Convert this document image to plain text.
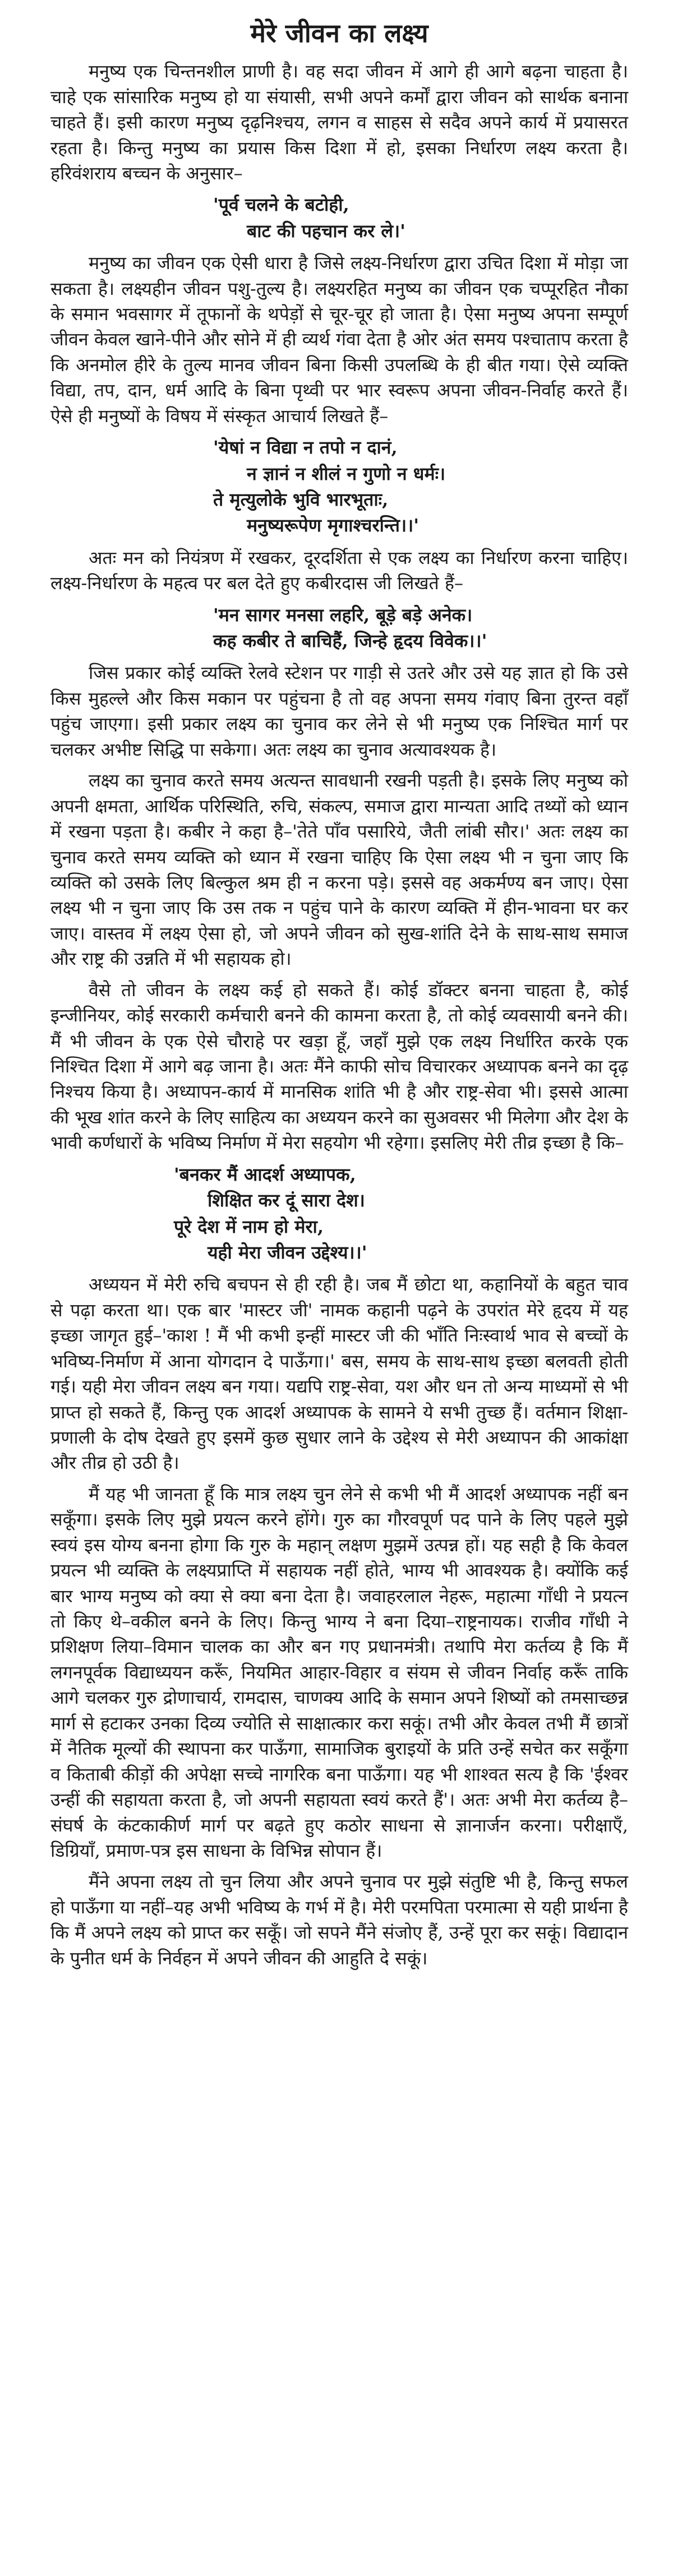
मेरे जीवन का लक्ष्य

मनुष्य एक चिन्तनशील प्राणी है। वह सदा जीवन में आगे ही आगे बढ़ना चाहता है। चाहे एक सांसारिक मनुष्य हो या संयासी, सभी अपने कर्मों द्वारा जीवन को सार्थक बनाना चाहते हैं। इसी कारण मनुष्य दृढ़निश्चय, लगन व साहस से सदैव अपने कार्य में प्रयासरत रहता है। किन्तु मनुष्य का प्रयास किस दिशा में हो, इसका निर्धारण लक्ष्य करता है। हरिवंशराय बच्चन के अनुसार–

'पूर्व चलने के बटोही,
बाट की पहचान कर ले।'

मनुष्य का जीवन एक ऐसी धारा है जिसे लक्ष्य-निर्धारण द्वारा उचित दिशा में मोड़ा जा सकता है। लक्ष्यहीन जीवन पशु-तुल्य है। लक्ष्यरहित मनुष्य का जीवन एक चप्पूरहित नौका के समान भवसागर में तूफानों के थपेड़ों से चूर-चूर हो जाता है। ऐसा मनुष्य अपना सम्पूर्ण जीवन केवल खाने-पीने और सोने में ही व्यर्थ गंवा देता है ओर अंत समय पश्चाताप करता है कि अनमोल हीरे के तुल्य मानव जीवन बिना किसी उपलब्धि के ही बीत गया। ऐसे व्यक्ति विद्या, तप, दान, धर्म आदि के बिना पृथ्वी पर भार स्वरूप अपना जीवन-निर्वाह करते हैं। ऐसे ही मनुष्यों के विषय में संस्कृत आचार्य लिखते हैं–

'येषां न विद्या न तपो न दानं,
न ज्ञानं न शीलं न गुणो न धर्मः।
ते मृत्युलोके भुवि भारभूताः,
मनुष्यरूपेण मृगाश्चरन्ति।।'

अतः मन को नियंत्रण में रखकर, दूरदर्शिता से एक लक्ष्य का निर्धारण करना चाहिए। लक्ष्य-निर्धारण के महत्व पर बल देते हुए कबीरदास जी लिखते हैं–

'मन सागर मनसा लहरि, बूड़े बड़े अनेक।
कह कबीर ते बाचिहैं, जिन्हे हृदय विवेक।।'

जिस प्रकार कोई व्यक्ति रेलवे स्टेशन पर गाड़ी से उतरे और उसे यह ज्ञात हो कि उसे किस मुहल्ले और किस मकान पर पहुंचना है तो वह अपना समय गंवाए बिना तुरन्त वहाँ पहुंच जाएगा। इसी प्रकार लक्ष्य का चुनाव कर लेने से भी मनुष्य एक निश्चित मार्ग पर चलकर अभीष्ट सिद्धि पा सकेगा। अतः लक्ष्य का चुनाव अत्यावश्यक है।

लक्ष्य का चुनाव करते समय अत्यन्त सावधानी रखनी पड़ती है। इसके लिए मनुष्य को अपनी क्षमता, आर्थिक परिस्थिति, रुचि, संकल्प, समाज द्वारा मान्यता आदि तथ्यों को ध्यान में रखना पड़ता है। कबीर ने कहा है–'तेते पाँव पसारिये, जैती लांबी सौर।' अतः लक्ष्य का चुनाव करते समय व्यक्ति को ध्यान में रखना चाहिए कि ऐसा लक्ष्य भी न चुना जाए कि व्यक्ति को उसके लिए बिल्कुल श्रम ही न करना पड़े। इससे वह अकर्मण्य बन जाए। ऐसा लक्ष्य भी न चुना जाए कि उस तक न पहुंच पाने के कारण व्यक्ति में हीन-भावना घर कर जाए। वास्तव में लक्ष्य ऐसा हो, जो अपने जीवन को सुख-शांति देने के साथ-साथ समाज और राष्ट्र की उन्नति में भी सहायक हो।

वैसे तो जीवन के लक्ष्य कई हो सकते हैं। कोई डॉक्टर बनना चाहता है, कोई इन्जीनियर, कोई सरकारी कर्मचारी बनने की कामना करता है, तो कोई व्यवसायी बनने की। मैं भी जीवन के एक ऐसे चौराहे पर खड़ा हूँ, जहाँ मुझे एक लक्ष्य निर्धारित करके एक निश्चित दिशा में आगे बढ़ जाना है। अतः मैंने काफी सोच विचारकर अध्यापक बनने का दृढ़ निश्चय किया है। अध्यापन-कार्य में मानसिक शांति भी है और राष्ट्र-सेवा भी। इससे आत्मा की भूख शांत करने के लिए साहित्य का अध्ययन करने का सुअवसर भी मिलेगा और देश के भावी कर्णधारों के भविष्य निर्माण में मेरा सहयोग भी रहेगा। इसलिए मेरी तीव्र इच्छा है कि–

'बनकर मैं आदर्श अध्यापक,
शिक्षित कर दूं सारा देश।
पूरे देश में नाम हो मेरा,
यही मेरा जीवन उद्देश्य।।'

अध्ययन में मेरी रुचि बचपन से ही रही है। जब मैं छोटा था, कहानियों के बहुत चाव से पढ़ा करता था। एक बार 'मास्टर जी' नामक कहानी पढ़ने के उपरांत मेरे हृदय में यह इच्छा जागृत हुई–'काश ! मैं भी कभी इन्हीं मास्टर जी की भाँति निःस्वार्थ भाव से बच्चों के भविष्य-निर्माण में आना योगदान दे पाऊँगा।' बस, समय के साथ-साथ इच्छा बलवती होती गई। यही मेरा जीवन लक्ष्य बन गया। यद्यपि राष्ट्र-सेवा, यश और धन तो अन्य माध्यमों से भी प्राप्त हो सकते हैं, किन्तु एक आदर्श अध्यापक के सामने ये सभी तुच्छ हैं। वर्तमान शिक्षा-प्रणाली के दोष देखते हुए इसमें कुछ सुधार लाने के उद्देश्य से मेरी अध्यापन की आकांक्षा और तीव्र हो उठी है।

मैं यह भी जानता हूँ कि मात्र लक्ष्य चुन लेने से कभी भी मैं आदर्श अध्यापक नहीं बन सकूँगा। इसके लिए मुझे प्रयत्न करने होंगे। गुरु का गौरवपूर्ण पद पाने के लिए पहले मुझे स्वयं इस योग्य बनना होगा कि गुरु के महान् लक्षण मुझमें उत्पन्न हों। यह सही है कि केवल प्रयत्न भी व्यक्ति के लक्ष्यप्राप्ति में सहायक नहीं होते, भाग्य भी आवश्यक है। क्योंकि कई बार भाग्य मनुष्य को क्या से क्या बना देता है। जवाहरलाल नेहरू, महात्मा गाँधी ने प्रयत्न तो किए थे–वकील बनने के लिए। किन्तु भाग्य ने बना दिया–राष्ट्रनायक। राजीव गाँधी ने प्रशिक्षण लिया–विमान चालक का और बन गए प्रधानमंत्री। तथापि मेरा कर्तव्य है कि मैं लगनपूर्वक विद्याध्ययन करूँ, नियमित आहार-विहार व संयम से जीवन निर्वाह करूँ ताकि आगे चलकर गुरु द्रोणाचार्य, रामदास, चाणक्य आदि के समान अपने शिष्यों को तमसाच्छन्न मार्ग से हटाकर उनका दिव्य ज्योति से साक्षात्कार करा सकूं। तभी और केवल तभी मैं छात्रों में नैतिक मूल्यों की स्थापना कर पाऊँगा, सामाजिक बुराइयों के प्रति उन्हें सचेत कर सकूँगा व किताबी कीड़ों की अपेक्षा सच्चे नागरिक बना पाऊँगा। यह भी शाश्वत सत्य है कि 'ईश्वर उन्हीं की सहायता करता है, जो अपनी सहायता स्वयं करते हैं'। अतः अभी मेरा कर्तव्य है–संघर्ष के कंटकाकीर्ण मार्ग पर बढ़ते हुए कठोर साधना से ज्ञानार्जन करना। परीक्षाएँ, डिग्रियाँ, प्रमाण-पत्र इस साधना के विभिन्न सोपान हैं।

मैंने अपना लक्ष्य तो चुन लिया और अपने चुनाव पर मुझे संतुष्टि भी है, किन्तु सफल हो पाऊँगा या नहीं–यह अभी भविष्य के गर्भ में है। मेरी परमपिता परमात्मा से यही प्रार्थना है कि मैं अपने लक्ष्य को प्राप्त कर सकूँ। जो सपने मैंने संजोए हैं, उन्हें पूरा कर सकूं। विद्यादान के पुनीत धर्म के निर्वहन में अपने जीवन की आहुति दे सकूं।
